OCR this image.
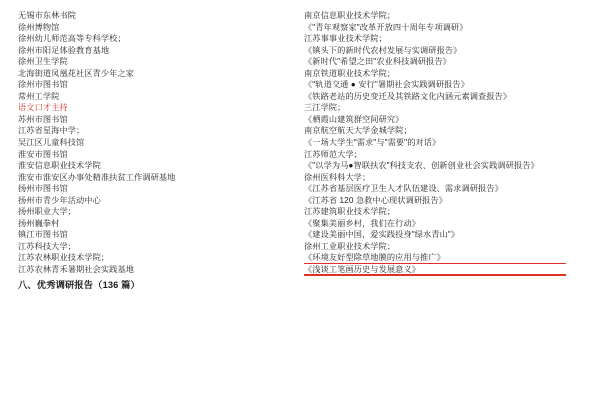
无锡市东林书院
徐州博物馆
徐州幼儿师范高等专科学校；
徐州市阳足体验教育基地
徐州卫生学院
北海街道凤凰花社区青少年之家
徐州市图书馆
常州工学院
语文口才主持
苏州市图书馆
江苏省星海中学；
吴江区儿童科技馆
淮安市图书馆
淮安信息职业技术学院
淮安市淮安区办事处精准扶贫工作调研基地
扬州市图书馆
扬州市青少年活动中心
扬州职业大学；
扬州巍拳村
镇江市图书馆
江苏科技大学；
江苏农林职业技术学院；
江苏农林青禾暑期社会实践基地
八、优秀调研报告（136 篇）
南京信息职业技术学院；
《"青年观察家"改革开放四十周年专项调研》
江苏事事业技术学院；
《镇头下的新时代农村发展与实调研报告》
《新时代"希望之田"农业科技调研报告》
南京铁道职业技术学院；
《"轨道交通 ● 安行"暑期社会实践调研报告》
《铁路老站的历史变迁及其铁路文化内涵元素调查报告》
三江学院；
《栖霞山建筑群空间研究》
南京航空航天大学金城学院；
《一场大学生"需求"与"需要"的对话》
江苏师范大学；
《"以学为马●智联扶农"科技支农、创新创业社会实践调研报告》
徐州医科科大学；
《江苏省基层医疗卫生人才队伍建设、需求调研报告》
《江苏省 120 急救中心现状调研报告》
江苏建筑职业技术学院；
《聚集美丽乡村，我们在行动》
《建设美丽中国，爱实践投身"绿水青山"》
徐州工业职业技术学院；
《环境友好型除草地膜的应用与推广》
《浅谈工笔画历史与发展意义》
